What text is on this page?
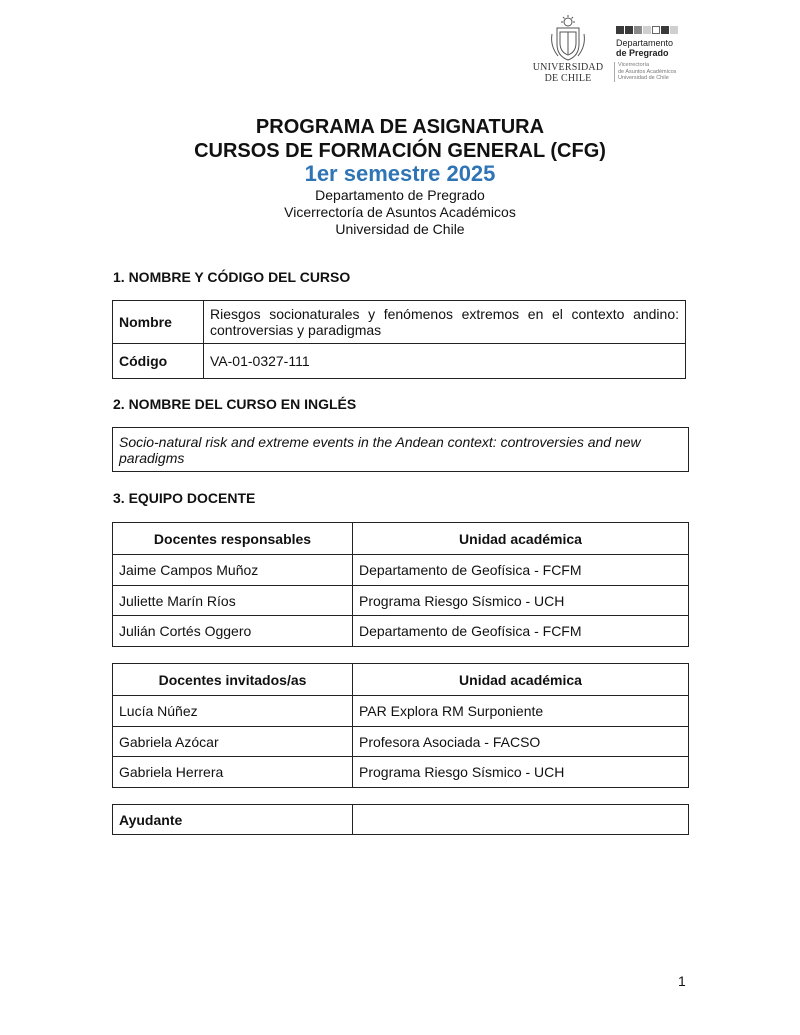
UNIVERSIDAD
DE CHILE
Departamento
de Pregrado
Vicerrectoría
de Asuntos Académicos
Universidad de Chile
PROGRAMA DE ASIGNATURA
CURSOS DE FORMACIÓN GENERAL (CFG)
1er semestre 2025
Departamento de Pregrado
Vicerrectoría de Asuntos Académicos
Universidad de Chile
1. NOMBRE Y CÓDIGO DEL CURSO
Nombre	Riesgos socionaturales y fenómenos extremos en el contexto andino: controversias y paradigmas
Código	VA-01-0327-111
2. NOMBRE DEL CURSO EN INGLÉS
Socio-natural risk and extreme events in the Andean context: controversies and new paradigms
3. EQUIPO DOCENTE
Docentes responsables	Unidad académica
Jaime Campos Muñoz	Departamento de Geofísica - FCFM
Juliette Marín Ríos	Programa Riesgo Sísmico - UCH
Julián Cortés Oggero	Departamento de Geofísica - FCFM
Docentes invitados/as	Unidad académica
Lucía Núñez	PAR Explora RM Surponiente
Gabriela Azócar	Profesora Asociada - FACSO
Gabriela Herrera	Programa Riesgo Sísmico - UCH
Ayudante	
1
